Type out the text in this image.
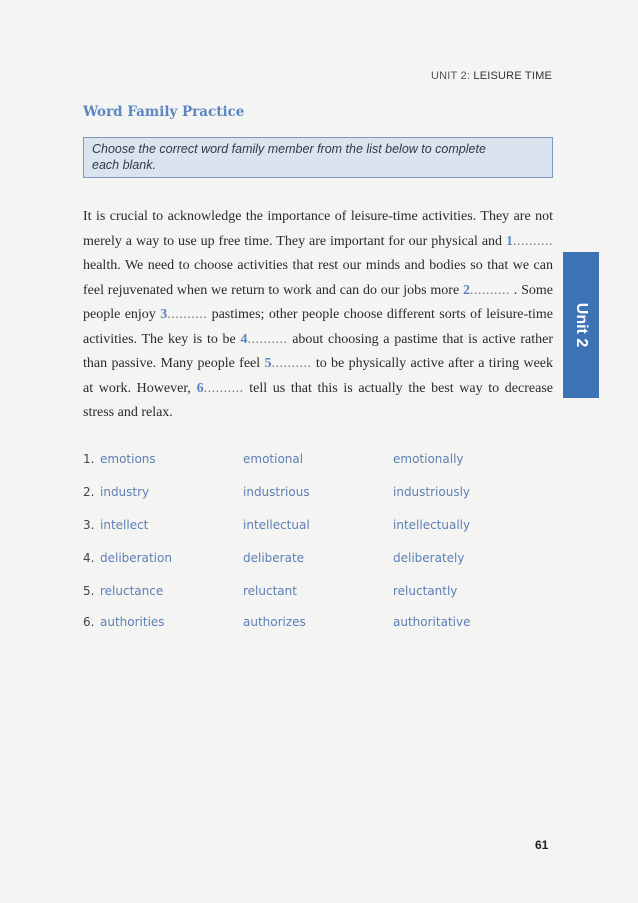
UNIT 2: LEISURE TIME
Word Family Practice

Choose the correct word family member from the list below to complete each blank.

It is crucial to acknowledge the importance of leisure-time activities. They are not merely a way to use up free time. They are important for our physical and 1.......... health. We need to choose activities that rest our minds and bodies so that we can feel rejuvenated when we return to work and can do our jobs more 2.......... . Some people enjoy 3.......... pastimes; other people choose different sorts of leisure-time activities. The key is to be 4.......... about choosing a pastime that is active rather than passive. Many people feel 5.......... to be physically active after a tiring week at work. However, 6.......... tell us that this is actually the best way to decrease stress and relax.
1. emotions	emotional	emotionally
2. industry	industrious	industriously
3. intellect	intellectual	intellectually
4. deliberation	deliberate	deliberately
5. reluctance	reluctant	reluctantly
6. authorities	authorizes	authoritative
Unit 2
61
